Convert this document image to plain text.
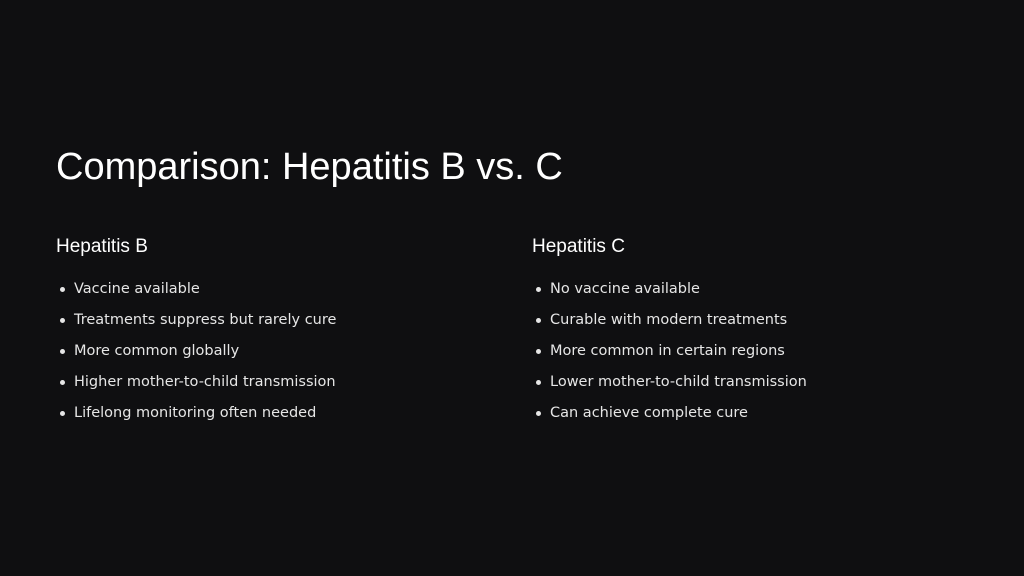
Comparison: Hepatitis B vs. C
Hepatitis B
Vaccine available
Treatments suppress but rarely cure
More common globally
Higher mother-to-child transmission
Lifelong monitoring often needed
Hepatitis C
No vaccine available
Curable with modern treatments
More common in certain regions
Lower mother-to-child transmission
Can achieve complete cure
